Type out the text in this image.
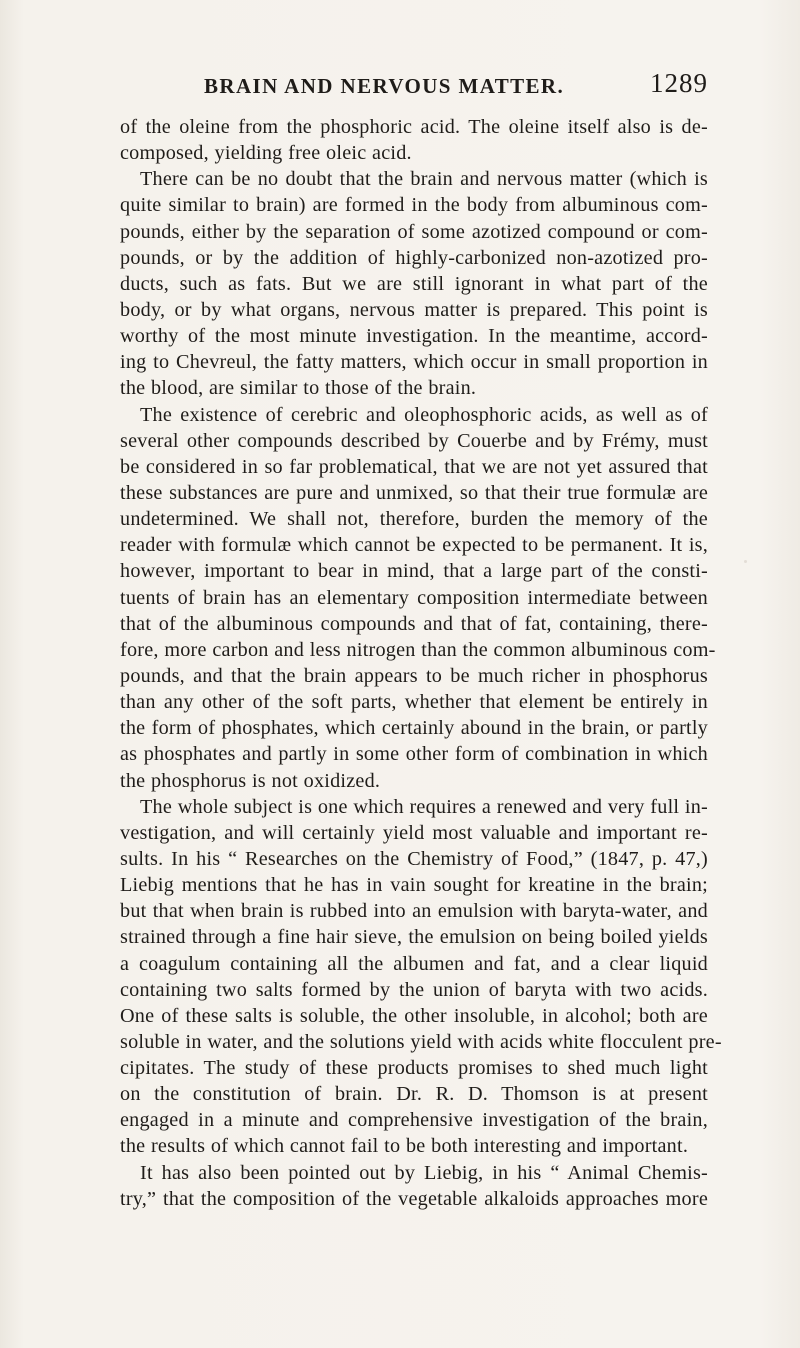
BRAIN AND NERVOUS MATTER.	1289
of the oleine from the phosphoric acid. The oleine itself also is de-
composed, yielding free oleic acid.
There can be no doubt that the brain and nervous matter (which is
quite similar to brain) are formed in the body from albuminous com-
pounds, either by the separation of some azotized compound or com-
pounds, or by the addition of highly-carbonized non-azotized pro-
ducts, such as fats. But we are still ignorant in what part of the
body, or by what organs, nervous matter is prepared. This point is
worthy of the most minute investigation. In the meantime, accord-
ing to Chevreul, the fatty matters, which occur in small proportion in
the blood, are similar to those of the brain.
The existence of cerebric and oleophosphoric acids, as well as of
several other compounds described by Couerbe and by Frémy, must
be considered in so far problematical, that we are not yet assured that
these substances are pure and unmixed, so that their true formulæ are
undetermined. We shall not, therefore, burden the memory of the
reader with formulæ which cannot be expected to be permanent. It is,
however, important to bear in mind, that a large part of the consti-
tuents of brain has an elementary composition intermediate between
that of the albuminous compounds and that of fat, containing, there-
fore, more carbon and less nitrogen than the common albuminous com-
pounds, and that the brain appears to be much richer in phosphorus
than any other of the soft parts, whether that element be entirely in
the form of phosphates, which certainly abound in the brain, or partly
as phosphates and partly in some other form of combination in which
the phosphorus is not oxidized.
The whole subject is one which requires a renewed and very full in-
vestigation, and will certainly yield most valuable and important re-
sults. In his “ Researches on the Chemistry of Food,” (1847, p. 47,)
Liebig mentions that he has in vain sought for kreatine in the brain;
but that when brain is rubbed into an emulsion with baryta-water, and
strained through a fine hair sieve, the emulsion on being boiled yields
a coagulum containing all the albumen and fat, and a clear liquid
containing two salts formed by the union of baryta with two acids.
One of these salts is soluble, the other insoluble, in alcohol; both are
soluble in water, and the solutions yield with acids white flocculent pre-
cipitates. The study of these products promises to shed much light
on the constitution of brain. Dr. R. D. Thomson is at present
engaged in a minute and comprehensive investigation of the brain,
the results of which cannot fail to be both interesting and important.
It has also been pointed out by Liebig, in his “ Animal Chemis-
try,” that the composition of the vegetable alkaloids approaches more
